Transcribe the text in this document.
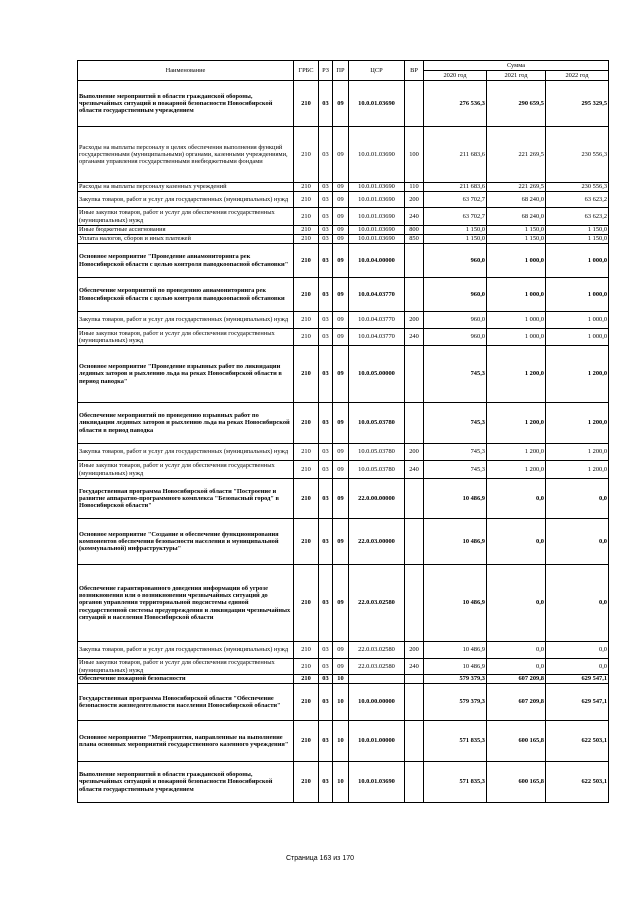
Наименование	ГРБС	РЗ	ПР	ЦСР	ВР	Сумма		
						2020 год	2021 год	2022 год
Выполнение мероприятий в области гражданской обороны, чрезвычайных ситуаций и пожарной безопасности Новосибирской области государственным учреждением	210	03	09	10.0.01.03690		276 536,3	290 659,5	295 329,5
Расходы на выплаты персоналу в целях обеспечения выполнения функций государственными (муниципальными) органами, казенными учреждениями, органами управления государственными внебюджетными фондами	210	03	09	10.0.01.03690	100	211 683,6	221 269,5	230 556,3
Расходы на выплаты персоналу казенных учреждений	210	03	09	10.0.01.03690	110	211 683,6	221 269,5	230 556,3
Закупка товаров, работ и услуг для государственных (муниципальных) нужд	210	03	09	10.0.01.03690	200	63 702,7	68 240,0	63 623,2
Иные закупки товаров, работ и услуг для обеспечения государственных (муниципальных) нужд	210	03	09	10.0.01.03690	240	63 702,7	68 240,0	63 623,2
Иные бюджетные ассигнования	210	03	09	10.0.01.03690	800	1 150,0	1 150,0	1 150,0
Уплата налогов, сборов и иных платежей	210	03	09	10.0.01.03690	850	1 150,0	1 150,0	1 150,0
Основное мероприятие "Проведение авиамониторинга рек Новосибирской области с целью контроля паводкоопасной обстановки"	210	03	09	10.0.04.00000		960,0	1 000,0	1 000,0
Обеспечение мероприятий по проведению авиамониторинга рек Новосибирской области с целью контроля паводкоопасной обстановки	210	03	09	10.0.04.03770		960,0	1 000,0	1 000,0
Закупка товаров, работ и услуг для государственных (муниципальных) нужд	210	03	09	10.0.04.03770	200	960,0	1 000,0	1 000,0
Иные закупки товаров, работ и услуг для обеспечения государственных (муниципальных) нужд	210	03	09	10.0.04.03770	240	960,0	1 000,0	1 000,0
Основное мероприятие "Проведение взрывных работ по ликвидации ледяных заторов и рыхлению льда на реках Новосибирской области в период паводка"	210	03	09	10.0.05.00000		745,3	1 200,0	1 200,0
Обеспечение мероприятий по проведению взрывных работ по ликвидации ледяных заторов и рыхлению льда на реках Новосибирской области в период паводка	210	03	09	10.0.05.03780		745,3	1 200,0	1 200,0
Закупка товаров, работ и услуг для государственных (муниципальных) нужд	210	03	09	10.0.05.03780	200	745,3	1 200,0	1 200,0
Иные закупки товаров, работ и услуг для обеспечения государственных (муниципальных) нужд	210	03	09	10.0.05.03780	240	745,3	1 200,0	1 200,0
Государственная программа Новосибирской области "Построение и развитие аппаратно-программного комплекса "Безопасный город" в Новосибирской области"	210	03	09	22.0.00.00000		10 486,9	0,0	0,0
Основное мероприятие "Создание и обеспечение функционирования компонентов обеспечения безопасности населения и муниципальной (коммунальной) инфраструктуры"	210	03	09	22.0.03.00000		10 486,9	0,0	0,0
Обеспечение гарантированного доведения информации об угрозе возникновения или о возникновении чрезвычайных ситуаций до органов управления территориальной подсистемы единой государственной системы предупреждения и ликвидации чрезвычайных ситуаций и населения Новосибирской области	210	03	09	22.0.03.02580		10 486,9	0,0	0,0
Закупка товаров, работ и услуг для государственных (муниципальных) нужд	210	03	09	22.0.03.02580	200	10 486,9	0,0	0,0
Иные закупки товаров, работ и услуг для обеспечения государственных (муниципальных) нужд	210	03	09	22.0.03.02580	240	10 486,9	0,0	0,0
Обеспечение пожарной безопасности	210	03	10			579 379,3	607 209,8	629 547,1
Государственная программа Новосибирской области "Обеспечение безопасности жизнедеятельности населения Новосибирской области"	210	03	10	10.0.00.00000		579 379,3	607 209,8	629 547,1
Основное мероприятие "Мероприятия, направленные на выполнение плана основных мероприятий государственного казенного учреждения"	210	03	10	10.0.01.00000		571 835,3	600 165,8	622 503,1
Выполнение мероприятий в области гражданской обороны, чрезвычайных ситуаций и пожарной безопасности Новосибирской области государственным учреждением	210	03	10	10.0.01.03690		571 835,3	600 165,8	622 503,1
Страница 163 из 170
